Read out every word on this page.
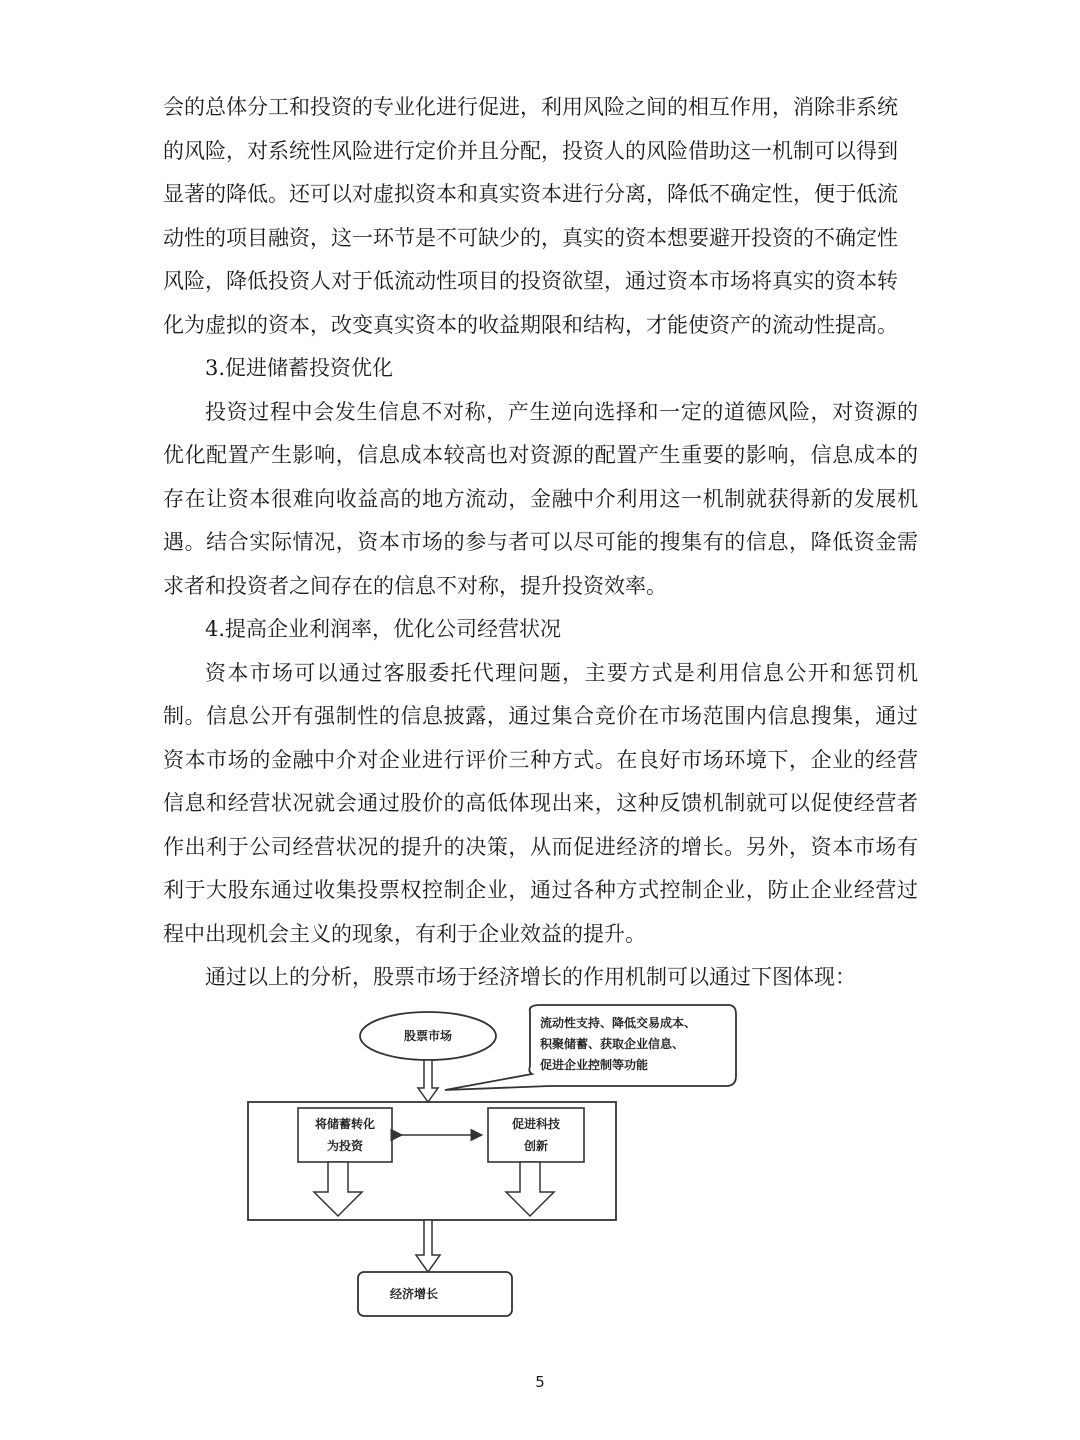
会的总体分工和投资的专业化进行促进，利用风险之间的相互作用，消除非系统
的风险，对系统性风险进行定价并且分配，投资人的风险借助这一机制可以得到
显著的降低。还可以对虚拟资本和真实资本进行分离，降低不确定性，便于低流
动性的项目融资，这一环节是不可缺少的，真实的资本想要避开投资的不确定性
风险，降低投资人对于低流动性项目的投资欲望，通过资本市场将真实的资本转
化为虚拟的资本，改变真实资本的收益期限和结构，才能使资产的流动性提高。

3.促进储蓄投资优化

投资过程中会发生信息不对称，产生逆向选择和一定的道德风险，对资源的优化配置产生影响，信息成本较高也对资源的配置产生重要的影响，信息成本的存在让资本很难向收益高的地方流动，金融中介利用这一机制就获得新的发展机遇。结合实际情况，资本市场的参与者可以尽可能的搜集有的信息，降低资金需求者和投资者之间存在的信息不对称，提升投资效率。

4.提高企业利润率，优化公司经营状况

资本市场可以通过客服委托代理问题，主要方式是利用信息公开和惩罚机制。信息公开有强制性的信息披露，通过集合竞价在市场范围内信息搜集，通过资本市场的金融中介对企业进行评价三种方式。在良好市场环境下，企业的经营信息和经营状况就会通过股价的高低体现出来，这种反馈机制就可以促使经营者作出利于公司经营状况的提升的决策，从而促进经济的增长。另外，资本市场有利于大股东通过收集投票权控制企业，通过各种方式控制企业，防止企业经营过程中出现机会主义的现象，有利于企业效益的提升。

通过以上的分析，股票市场于经济增长的作用机制可以通过下图体现：

股票市场
流动性支持、降低交易成本、
积聚储蓄、获取企业信息、
促进企业控制等功能
将储蓄转化
为投资
促进科技
创新
经济增长
5
